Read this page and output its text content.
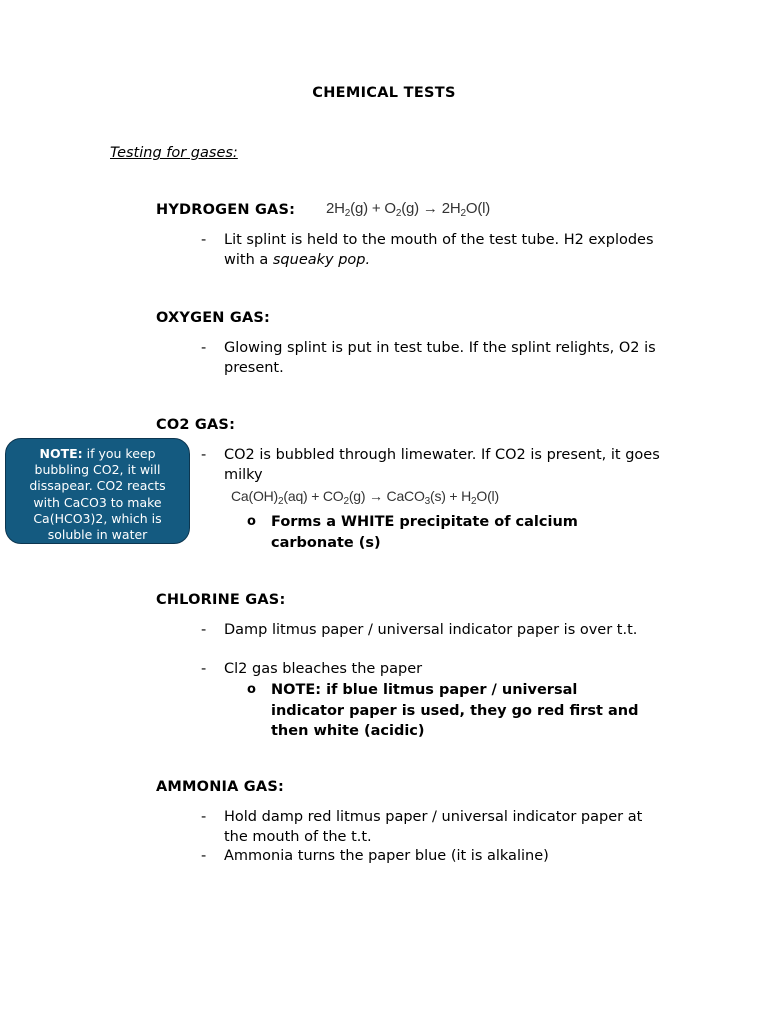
CHEMICAL TESTS
Testing for gases:
HYDROGEN GAS: $2H_2(g) + O_2(g) \to 2H_2O(l)$
- Lit splint is held to the mouth of the test tube. H2 explodes with a squeaky pop.
OXYGEN GAS:
- Glowing splint is put in test tube. If the splint relights, O2 is present.
CO2 GAS:
- CO2 is bubbled through limewater. If CO2 is present, it goes milky
$Ca(OH)_2(aq) + CO_2(g)$ → CaCO$_3$(s) + $H_2O(l)$
o Forms a WHITE precipitate of calcium carbonate (s)
NOTE: if you keep bubbling CO2, it will dissapear. CO2 reacts with CaCO3 to make Ca(HCO3)2, which is soluble in water
CHLORINE GAS:
- Damp litmus paper / universal indicator paper is over t.t.
- Cl2 gas bleaches the paper
o NOTE: if blue litmus paper / universal indicator paper is used, they go red first and then white (acidic)
AMMONIA GAS:
- Hold damp red litmus paper / universal indicator paper at the mouth of the t.t.
- Ammonia turns the paper blue (it is alkaline)
